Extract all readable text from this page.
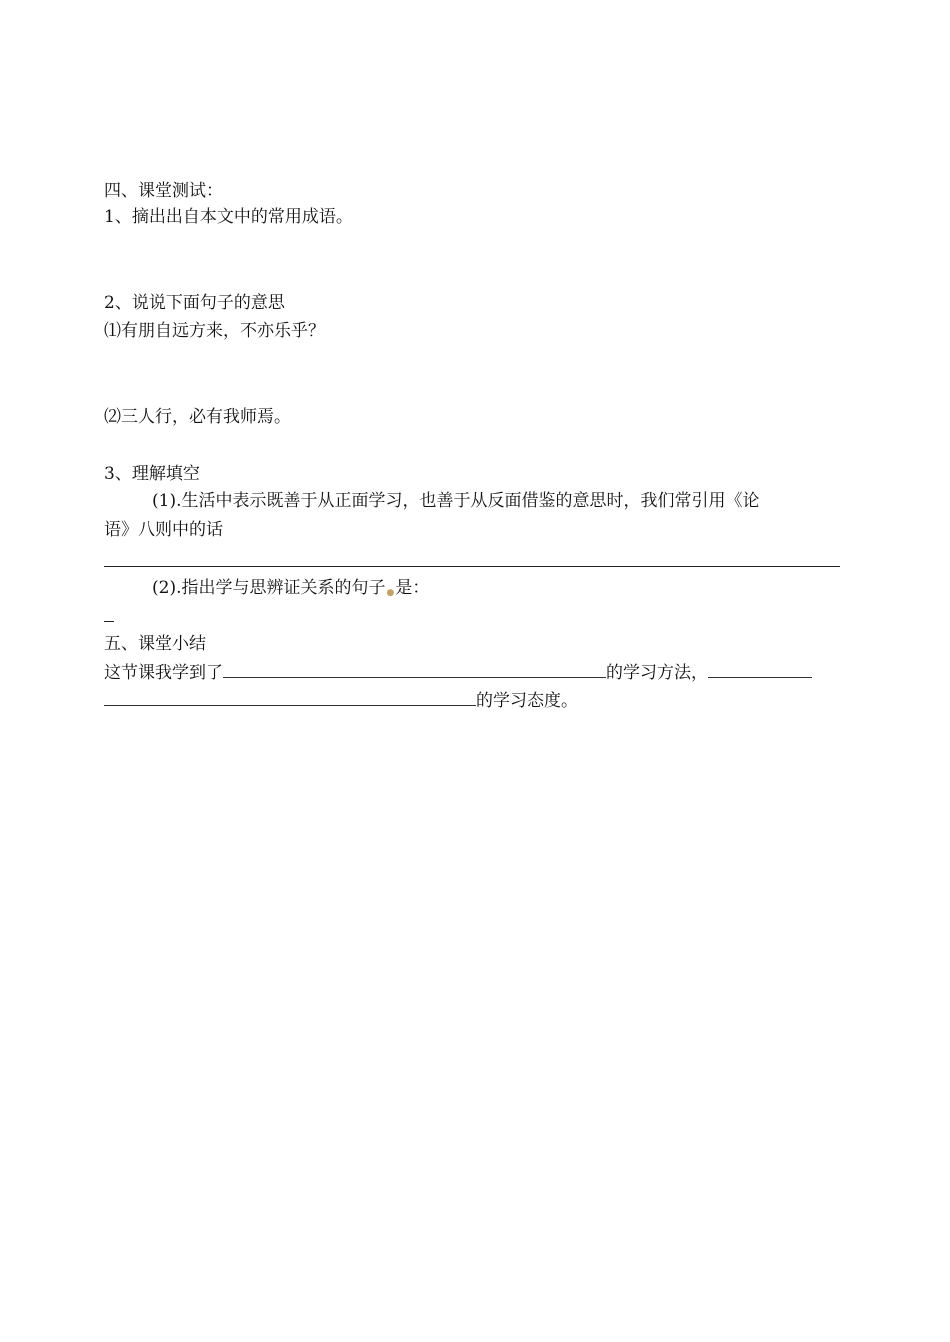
四、课堂测试：
1、摘出出自本文中的常用成语。
2、说说下面句子的意思
⑴有朋自远方来，不亦乐乎？
⑵三人行，必有我师焉。
3、理解填空
(1).生活中表示既善于从正面学习，也善于从反面借鉴的意思时，我们常引用《论
语》八则中的话
(2).指出学与思辨证关系的句子●是：
五、课堂小结
这节课我学到了	的学习方法，
的学习态度。
